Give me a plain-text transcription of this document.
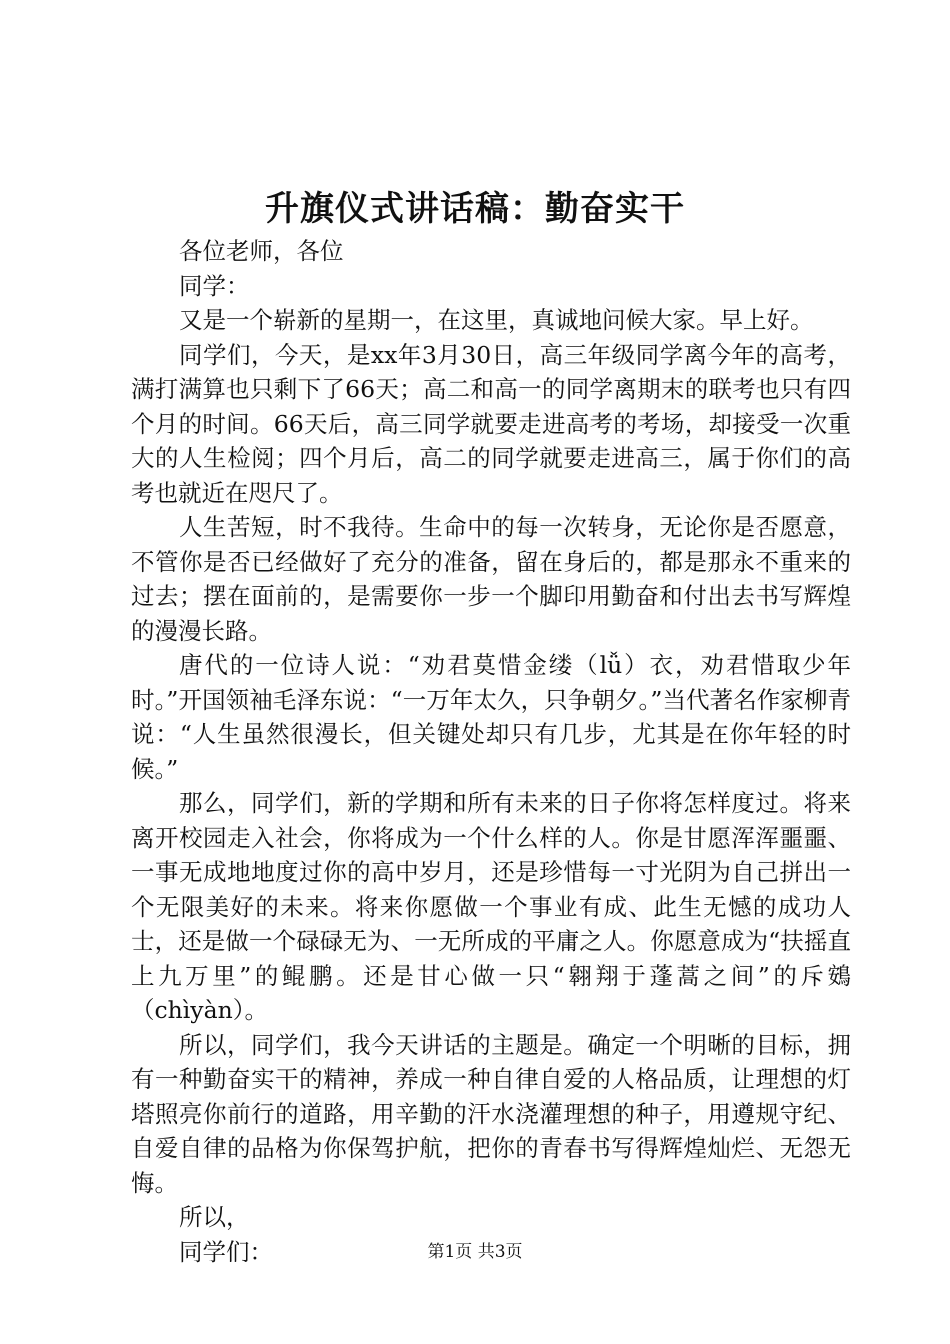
升旗仪式讲话稿：勤奋实干

各位老师，各位

同学：

又是一个崭新的星期一，在这里，真诚地问候大家。早上好。

同学们，今天，是xx年3月30日，高三年级同学离今年的高考，满打满算也只剩下了66天；高二和高一的同学离期末的联考也只有四个月的时间。66天后，高三同学就要走进高考的考场，却接受一次重大的人生检阅；四个月后，高二的同学就要走进高三，属于你们的高考也就近在咫尺了。

人生苦短，时不我待。生命中的每一次转身，无论你是否愿意，不管你是否已经做好了充分的准备，留在身后的，都是那永不重来的过去；摆在面前的，是需要你一步一个脚印用勤奋和付出去书写辉煌的漫漫长路。

唐代的一位诗人说：“劝君莫惜金缕（lǚ）衣，劝君惜取少年时。”开国领袖毛泽东说：“一万年太久，只争朝夕。”当代著名作家柳青说：“人生虽然很漫长，但关键处却只有几步，尤其是在你年轻的时候。”

那么，同学们，新的学期和所有未来的日子你将怎样度过。将来离开校园走入社会，你将成为一个什么样的人。你是甘愿浑浑噩噩、一事无成地地度过你的高中岁月，还是珍惜每一寸光阴为自己拼出一个无限美好的未来。将来你愿做一个事业有成、此生无憾的成功人士，还是做一个碌碌无为、一无所成的平庸之人。你愿意成为“扶摇直上九万里”的鲲鹏。还是甘心做一只“翱翔于蓬蒿之间”的斥鴳（chìyàn）。

所以，同学们，我今天讲话的主题是。确定一个明晰的目标，拥有一种勤奋实干的精神，养成一种自律自爱的人格品质，让理想的灯塔照亮你前行的道路，用辛勤的汗水浇灌理想的种子，用遵规守纪、自爱自律的品格为你保驾护航，把你的青春书写得辉煌灿烂、无怨无悔。

所以，

同学们：	第1页 共3页
